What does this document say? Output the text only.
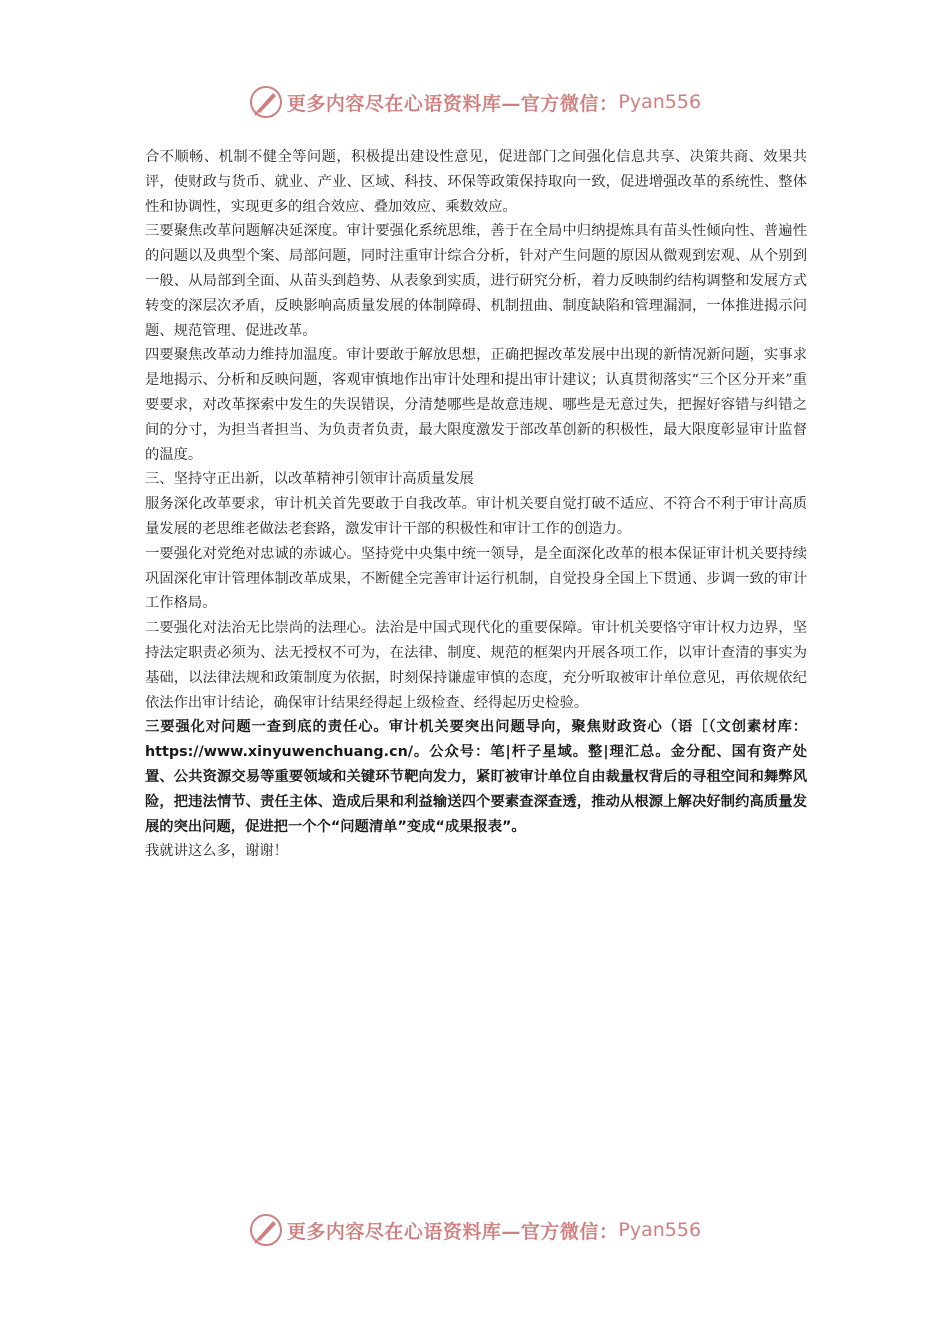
更多内容尽在心语资料库—官方微信： Pyan556

合不顺畅、机制不健全等问题，积极提出建设性意见，促进部门之间强化信息共享、决策共商、效果共评，使财政与货币、就业、产业、区域、科技、环保等政策保持取向一致，促进增强改革的系统性、整体性和协调性，实现更多的组合效应、叠加效应、乘数效应。

三要聚焦改革问题解决延深度。审计要强化系统思维，善于在全局中归纳提炼具有苗头性倾向性、普遍性的问题以及典型个案、局部问题，同时注重审计综合分析，针对产生问题的原因从微观到宏观、从个别到一般、从局部到全面、从苗头到趋势、从表象到实质，进行研究分析，着力反映制约结构调整和发展方式转变的深层次矛盾，反映影响高质量发展的体制障碍、机制扭曲、制度缺陷和管理漏洞，一体推进揭示问题、规范管理、促进改革。

四要聚焦改革动力维持加温度。审计要敢于解放思想，正确把握改革发展中出现的新情况新问题，实事求是地揭示、分析和反映问题，客观审慎地作出审计处理和提出审计建议；认真贯彻落实“三个区分开来”重要要求，对改革探索中发生的失误错误，分清楚哪些是故意违规、哪些是无意过失，把握好容错与纠错之间的分寸，为担当者担当、为负责者负责，最大限度激发于部改革创新的积极性，最大限度彰显审计监督的温度。

三、坚持守正出新，以改革精神引领审计高质量发展

服务深化改革要求，审计机关首先要敢于自我改革。审计机关要自觉打破不适应、不符合不利于审计高质量发展的老思维老做法老套路，激发审计干部的积极性和审计工作的创造力。

一要强化对党绝对忠诚的赤诚心。坚持党中央集中统一领导，是全面深化改革的根本保证审计机关要持续巩固深化审计管理体制改革成果，不断健全完善审计运行机制，自觉投身全国上下贯通、步调一致的审计工作格局。

二要强化对法治无比崇尚的法理心。法治是中国式现代化的重要保障。审计机关要恪守审计权力边界，坚持法定职责必须为、法无授权不可为，在法律、制度、规范的框架内开展各项工作，以审计查清的事实为基础，以法律法规和政策制度为依据，时刻保持谦虚审慎的态度，充分听取被审计单位意见，再依规依纪依法作出审计结论，确保审计结果经得起上级检查、经得起历史检验。

三要强化对问题一查到底的责任心。审计机关要突出问题导向，聚焦财政资心（语［（文创素材库：https://www.xinyuwenchuang.cn/。公众号：笔|杆子星域。整|理汇总。金分配、国有资产处置、公共资源交易等重要领域和关键环节靶向发力，紧盯被审计单位自由裁量权背后的寻租空间和舞弊风险，把违法情节、责任主体、造成后果和利益输送四个要素查深查透，推动从根源上解决好制约高质量发展的突出问题，促进把一个个“问题清单”变成“成果报表”。

我就讲这么多，谢谢！

更多内容尽在心语资料库—官方微信： Pyan556
